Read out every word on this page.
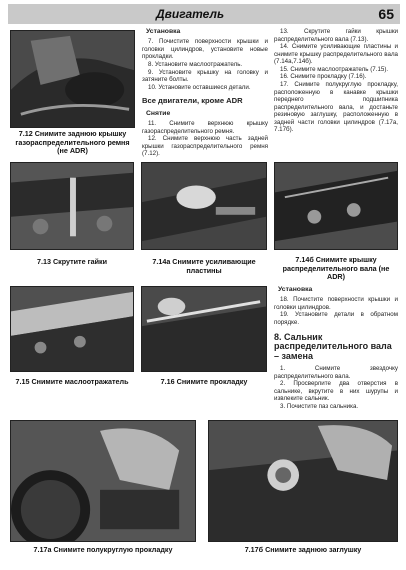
Двигатель	65
7.12 Снимите заднюю крышку газораспределительного ремня (не ADR)
Установка

7. Почистите поверхности крышки и головки цилиндров, установите новые прокладки.

8. Установите маслоотражатель.

9. Установите крышку на головку и затяните болты.

10. Установите оставшиеся детали.

Все двигатели, кроме ADR
Снятие

11. Снимите верхнюю крышку газораспределительного ремня.

12. Снимите верхнюю часть задней крышки газораспределительного ремня (7.12).

13. Скрутите гайки крышки распределительного вала (7.13).

14. Снимите усиливающие пластины и снимите крышку распределительного вала (7.14a,7.14б).

15. Снимите маслоотражатель (7.15).

16. Снимите прокладку (7.16).

17. Снимите полукруглую прокладку, расположенную в канавке крышки переднего подшипника распределительного вала, и достаньте резиновую заглушку, расположенную в задней части головки цилиндров (7.17a, 7.17б).

7.13 Скрутите гайки	7.14а Снимите усиливающие пластины
7.14б Снимите крышку распределительного вала (не ADR)
7.15 Снимите маслоотражатель	7.16 Снимите прокладку
Установка

18. Почистите поверхности крышки и головки цилиндров.

19. Установите детали в обратном порядке.

8. Сальник распределительного вала – замена

1. Снимите звездочку распределительного вала.

2. Просверлите два отверстия в сальнике, вкрутите в них шурупы и извлеките сальник.

3. Почистите паз сальника.

7.17а Снимите полукруглую прокладку	7.17б Снимите заднюю заглушку
